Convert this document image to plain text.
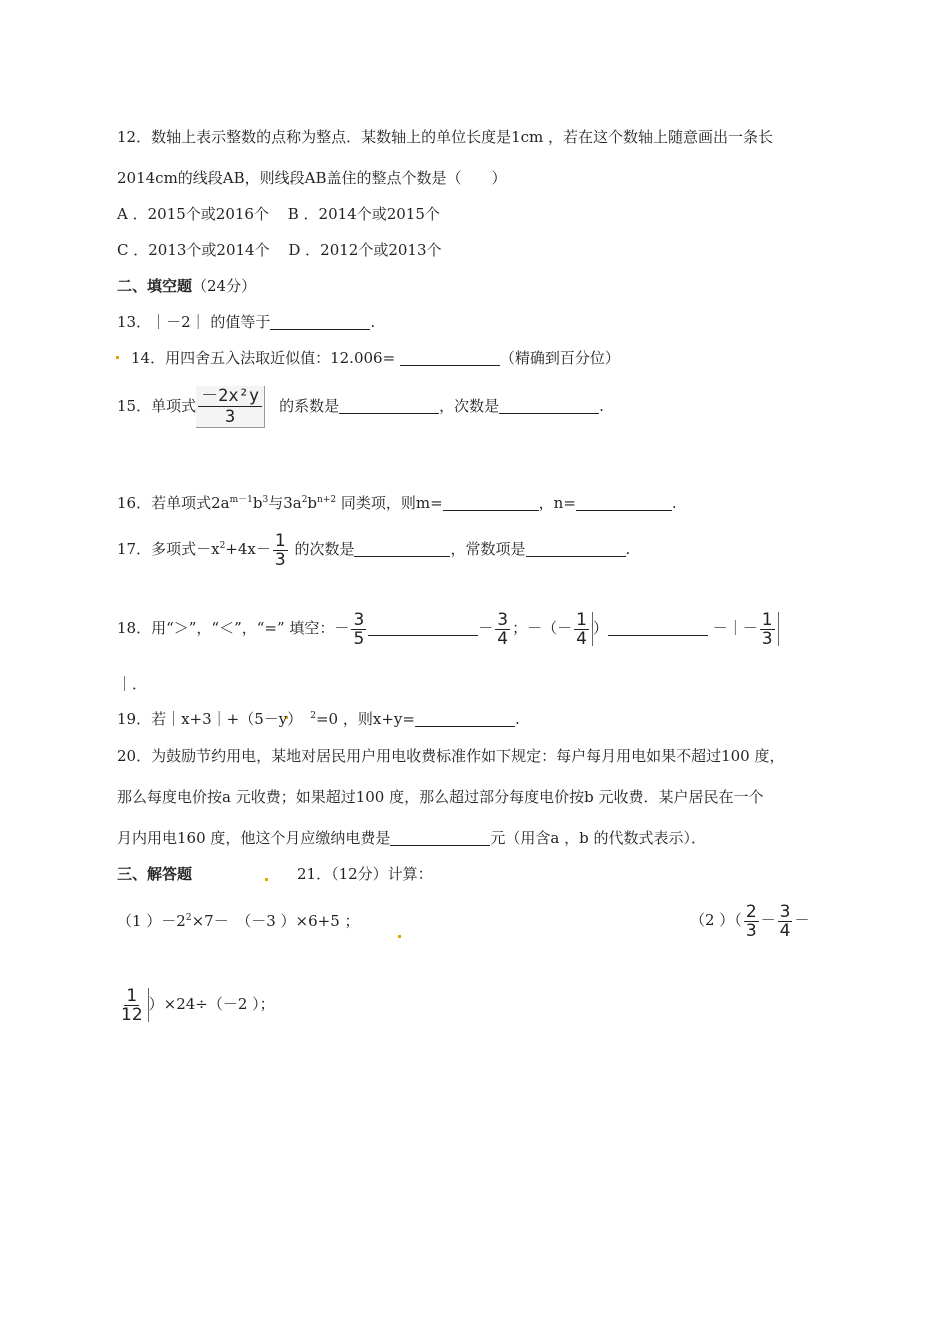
12．数轴上表示整数的点称为整点．某数轴上的单位长度是1cm ，若在这个数轴上随意画出一条长
2014cm的线段AB，则线段AB盖住的整点个数是（　　）
A ．2015个或2016个 B ．2014个或2015个
C ．2013个或2014个 D ．2012个或2013个
二、填空题（24分）
13．｜－2｜ 的值等于	.
14．用四舍五入法取近似值：12.006=	（精确到百分位）
15．单项式 $\frac{\text{－2x²y}}{3}$ 的系数是	，次数是	.
16．若单项式$2a^{m-1}b^3$与$3a^2b^{n+2}$ 同类项，则m=	，n=	.
17．多项式$-x^2+4x- \frac{1}{3}$ 的次数是	，常数项是	.
18．用“＞”，“＜”，“=” 填空：－ $\frac{3}{5}$	－ $\frac{3}{4}$ ；－（－ $\frac{1}{4}$ ）	－｜－ $\frac{1}{3}$
｜．
19．若｜x+3｜+（5－y） $^2$=0 ，则x+y=	.
20．为鼓励节约用电，某地对居民用户用电收费标准作如下规定：每户每月用电如果不超过100 度，
那么每度电价按a 元收费；如果超过100 度，那么超过部分每度电价按b 元收费．某户居民在一个
月内用电160 度，他这个月应缴纳电费是	元（用含a ，b 的代数式表示）．
三、解答题	21．（12分）计算：
（1 ）$-2^2\times 7-$　（－3 ）×6+5 ；	（2 ）（ $\frac{2}{3} - \frac{3}{4}$ －
$\frac{1}{12} )\times 24\div(-2$ ）；
